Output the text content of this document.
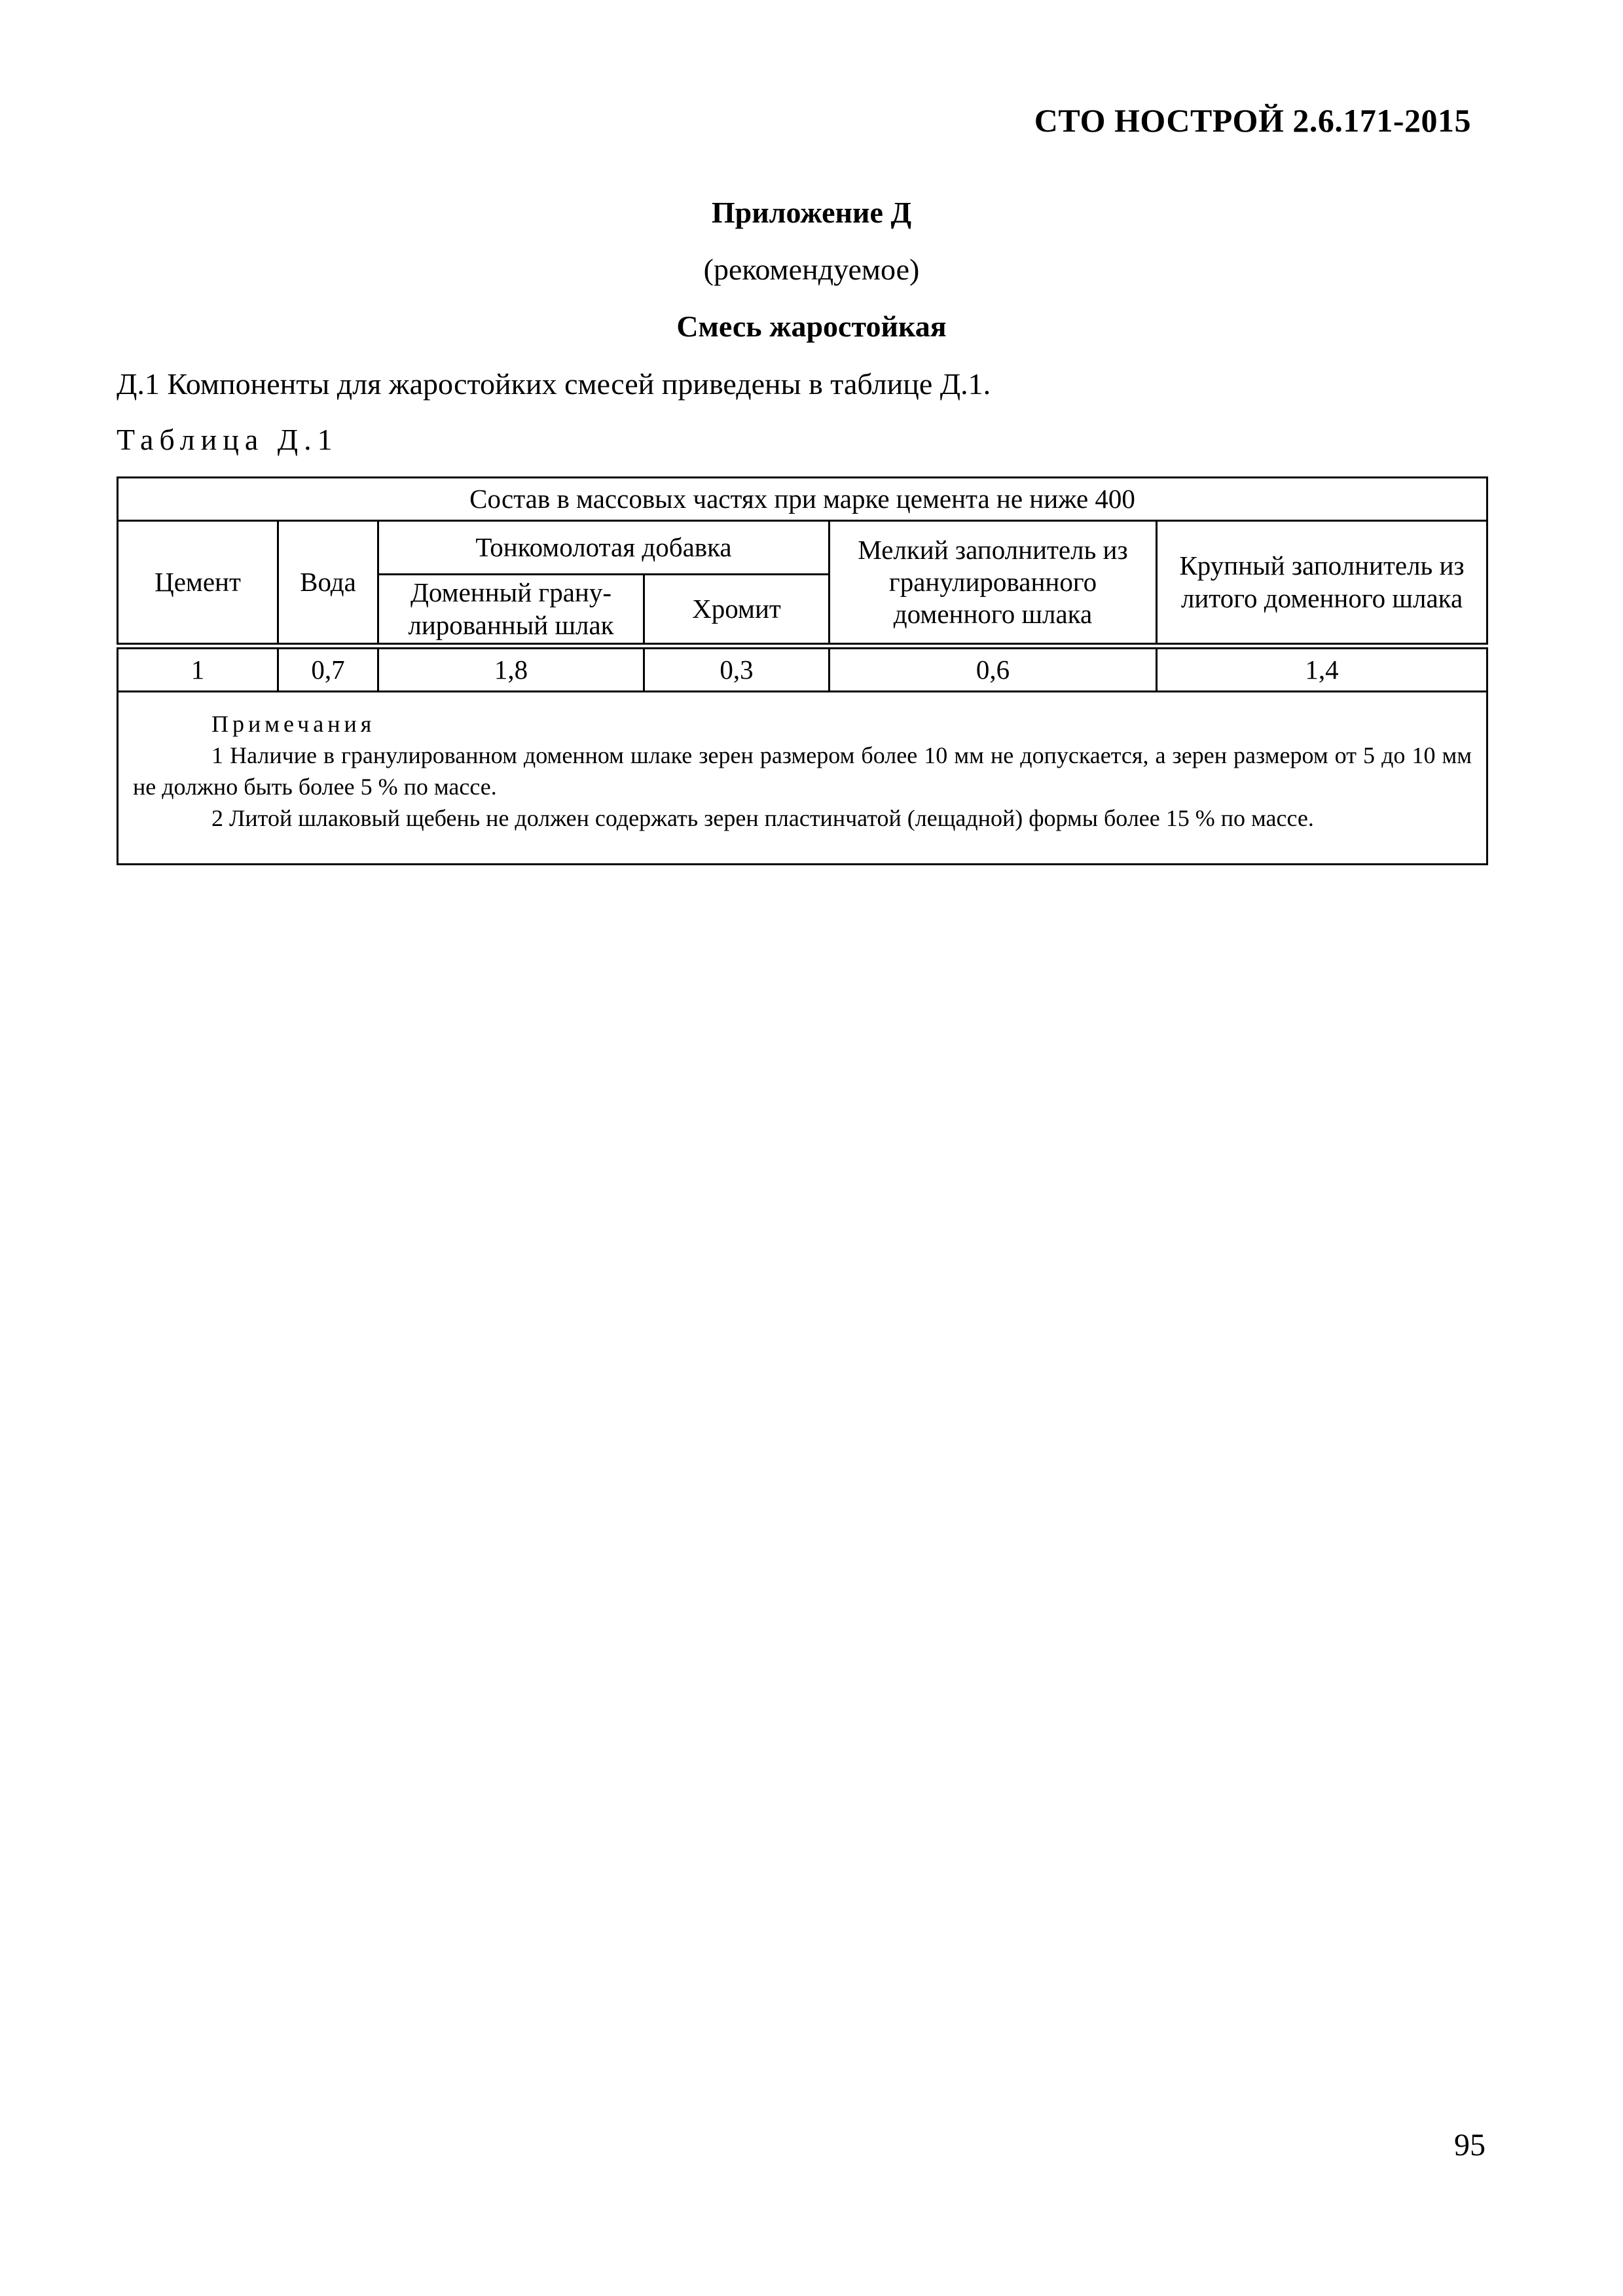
СТО НОСТРОЙ 2.6.171-2015
Приложение Д
(рекомендуемое)
Смесь жаростойкая
Д.1 Компоненты для жаростойких смесей приведены в таблице Д.1.
Таблица Д.1
Состав в массовых частях при марке цемента не ниже 400					
Цемент	Вода	Тонкомолотая добавка		Мелкий заполнитель из гранулированного доменного шлака	Крупный заполнитель из литого доменного шлака
		Доменный грану-лированный шлак	Хромит		
1	0,7	1,8	0,3	0,6	1,4

Примечания
1 Наличие в гранулированном доменном шлаке зерен размером более 10 мм не допускается, а зерен размером от 5 до 10 мм не должно быть более 5 % по массе.
2 Литой шлаковый щебень не должен содержать зерен пластинчатой (лещадной) формы более 15 % по массе.					
95
